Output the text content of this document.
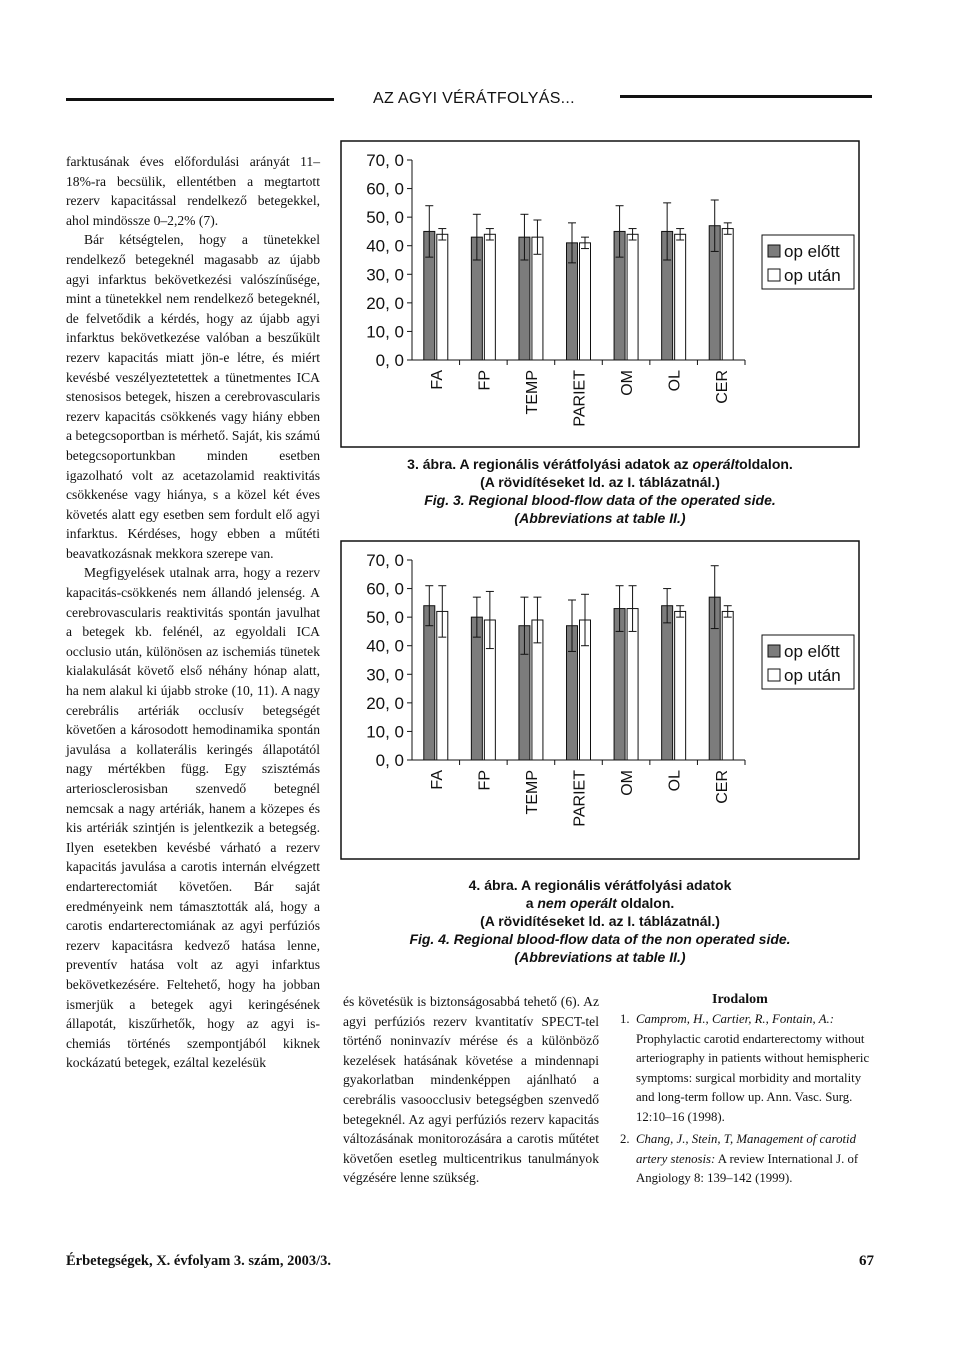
AZ AGYI VÉRÁTFOLYÁS...

farktusának éves előfordulási arányát 11–18%-ra becsülik, ellentétben a megtartott rezerv kapacitással rendelkező betegekkel, ahol mindössze 0–2,2% (7).

Bár kétségtelen, hogy a tünetekkel rendelkező betegeknél magasabb az újabb agyi infarktus bekövetkezési valószínűsége, mint a tünetekkel nem rendelkező betegeknél, de felvetődik a kérdés, hogy az újabb agyi infarktus bekövetkezése valóban a beszűkült rezerv kapacitás miatt jön-e létre, és miért kevésbé veszélyeztetettek a tünetmentes ICA stenosisos betegek, hiszen a cerebrovascularis rezerv kapacitás csökkenés vagy hiány ebben a betegcsoportban is mérhető. Saját, kis számú betegcsoportunkban minden esetben igazolható volt az acetazolamid reaktivitás csökkenése vagy hiánya, s a közel két éves követés alatt egy esetben sem fordult elő agyi infarktus. Kérdéses, hogy ebben a műtéti beavatkozásnak mekkora szerepe van.

Megfigyelések utalnak arra, hogy a rezerv kapacitás-csökkenés nem állandó jelenség. A cerebrovascularis reaktivitás spontán javulhat a betegek kb. felénél, az egyoldali ICA occlusio után, különösen az ischemiás tünetek kialakulását követő első néhány hónap alatt, ha nem alakul ki újabb stroke (10, 11). A nagy cerebrális artériák occlusív betegségét követően a károsodott hemodinamika spontán javulása a kollaterális keringés állapotától nagy mértékben függ. Egy szisztémás arteriosclerosisban szenvedő betegnél nemcsak a nagy artériák, hanem a közepes és kis artériák szintjén is jelentkezik a betegség. Ilyen esetekben kevésbé várható a rezerv kapacitás javulása a carotis internán elvégzett endarterectomiát követően. Bár saját eredményeink nem támasztották alá, hogy a carotis endarterectomiának az agyi perfúziós rezerv kapacitásra kedvező hatása lenne, preventív hatása volt az agyi infarktus bekövetkezésére. Feltehető, hogy ha jobban ismerjük a betegek agyi keringésének állapotát, kiszűrhetők, hogy az agyi is-chemiás történés szempontjából kiknek kockázatú betegek, ezáltal kezelésük

70, 0
60, 0
50, 0
40, 0
30, 0
20, 0
10, 0
0, 0
FA FP TEMP PARIET OM OL CER
op előtt
op után
3. ábra. A regionális vérátfolyási adatok az operáltoldalon.
(A rövidítéseket ld. az I. táblázatnál.)
Fig. 3. Regional blood-flow data of the operated side.
(Abbreviations at table II.)
70, 0
60, 0
50, 0
40, 0
30, 0
20, 0
10, 0
0, 0
FA FP TEMP PARIET OM OL CER
op előtt
op után
4. ábra. A regionális vérátfolyási adatok
a nem operált oldalon.
(A rövidítéseket ld. az I. táblázatnál.)
Fig. 4. Regional blood-flow data of the non operated side.
(Abbreviations at table II.)

és követésük is biztonságosabbá tehető (6). Az agyi perfúziós rezerv kvantitatív SPECT-tel történő noninvazív mérése és a különböző kezelések hatásának követése a mindennapi gyakorlatban mindenképpen ajánlható a cerebrális vasoocclusiv betegségben szenvedő betegeknél. Az agyi perfúziós rezerv kapacitás változásának monitorozására a carotis műtétet követően esetleg multicentrikus tanulmányok végzésére lenne szükség.

Irodalom
1. Camprom, H., Cartier, R., Fontain, A.: Prophylactic carotid endarterectomy without arteriography in patients without hemispheric symptoms: surgical morbidity and mortality and long-term follow up. Ann. Vasc. Surg. 12:10–16 (1998).
2. Chang, J., Stein, T, Management of carotid artery stenosis: A review International J. of Angiology 8: 139–142 (1999).
Érbetegségek, X. évfolyam 3. szám, 2003/3.	67
